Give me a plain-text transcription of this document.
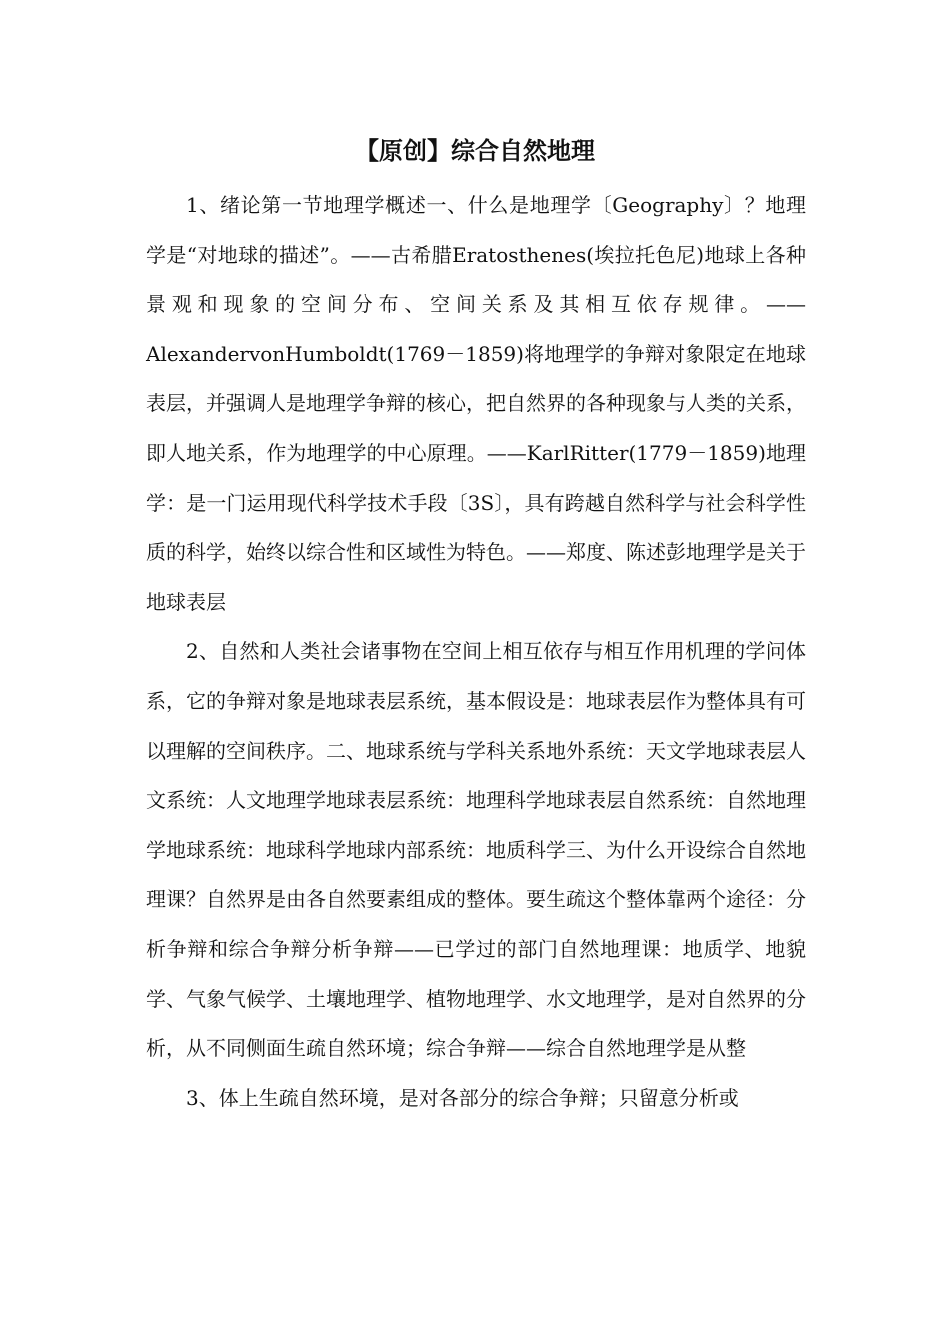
【原创】综合自然地理

1、绪论第一节地理学概述一、什么是地理学〔Geography〕？地理学是“对地球的描述”。——古希腊Eratosthenes(埃拉托色尼)地球上各种景观和现象的空间分布、空间关系及其相互依存规律。——AlexandervonHumboldt(1769－1859)将地理学的争辩对象限定在地球表层，并强调人是地理学争辩的核心，把自然界的各种现象与人类的关系，即人地关系，作为地理学的中心原理。——KarlRitter(1779－1859)地理学：是一门运用现代科学技术手段〔3S〕，具有跨越自然科学与社会科学性质的科学，始终以综合性和区域性为特色。——郑度、陈述彭地理学是关于地球表层

2、自然和人类社会诸事物在空间上相互依存与相互作用机理的学问体系，它的争辩对象是地球表层系统，基本假设是：地球表层作为整体具有可以理解的空间秩序。二、地球系统与学科关系地外系统：天文学地球表层人文系统：人文地理学地球表层系统：地理科学地球表层自然系统：自然地理学地球系统：地球科学地球内部系统：地质科学三、为什么开设综合自然地理课？自然界是由各自然要素组成的整体。要生疏这个整体靠两个途径：分析争辩和综合争辩分析争辩——已学过的部门自然地理课：地质学、地貌学、气象气候学、土壤地理学、植物地理学、水文地理学，是对自然界的分析，从不同侧面生疏自然环境；综合争辩——综合自然地理学是从整

3、体上生疏自然环境，是对各部分的综合争辩；只留意分析或
